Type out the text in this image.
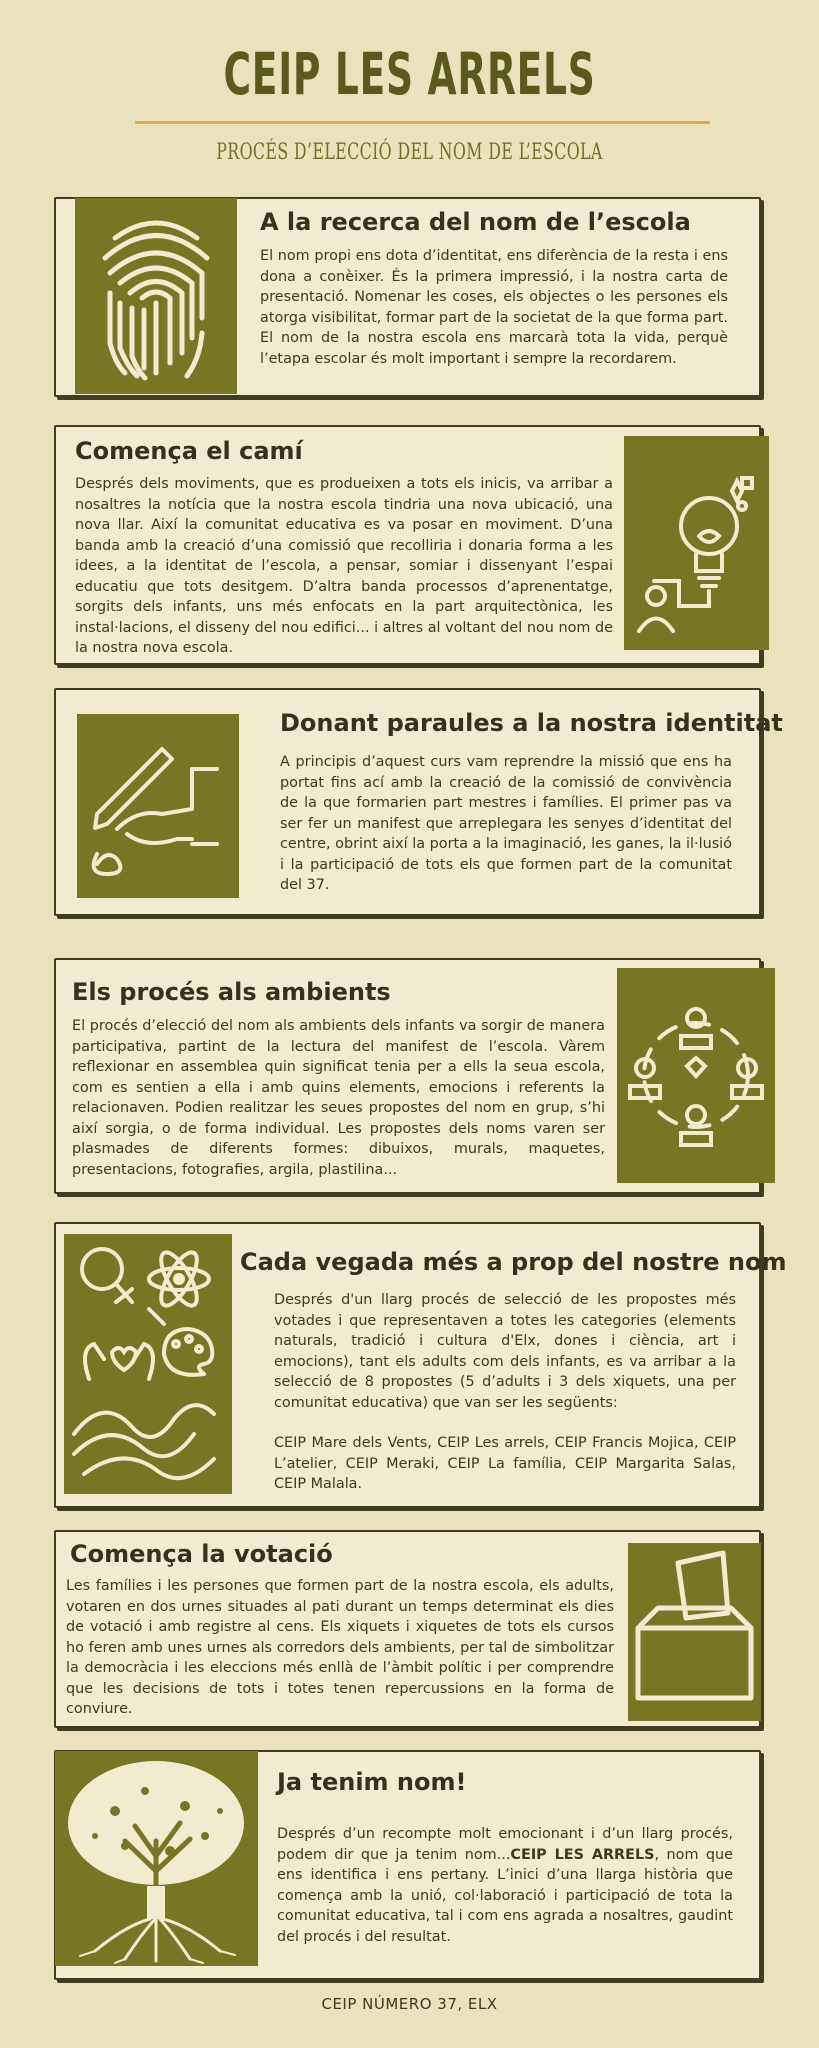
CEIP LES ARRELS
PROCÉS D’ELECCIÓ DEL NOM DE L’ESCOLA
A la recerca del nom de l’escola
El nom propi ens dota d’identitat, ens diferència de la resta i ens dona a conèixer. És la primera impressió, i la nostra carta de presentació. Nomenar les coses, els objectes o les persones els atorga visibilitat, formar part de la societat de la que forma part. El nom de la nostra escola ens marcarà tota la vida, perquè l’etapa escolar és molt important i sempre la recordarem.
Comença el camí
Després dels moviments, que es produeixen a tots els inicis, va arribar a nosaltres la notícia que la nostra escola tindria una nova ubicació, una nova llar. Així la comunitat educativa es va posar en moviment. D’una banda amb la creació d’una comissió que recolliria i donaria forma a les idees, a la identitat de l’escola, a pensar, somiar i dissenyant l’espai educatiu que tots desitgem. D’altra banda processos d’aprenentatge, sorgits dels infants, uns més enfocats en la part arquitectònica, les instal·lacions, el disseny del nou edifici... i altres al voltant del nou nom de la nostra nova escola.
Donant paraules a la nostra identitat
A principis d’aquest curs vam reprendre la missió que ens ha portat fins ací amb la creació de la comissió de convivència de la que formarien part mestres i famílies. El primer pas va ser fer un manifest que arreplegara les senyes d’identitat del centre, obrint així la porta a la imaginació, les ganes, la il·lusió i la participació de tots els que formen part de la comunitat del 37.
Els procés als ambients
El procés d’elecció del nom als ambients dels infants va sorgir de manera participativa, partint de la lectura del manifest de l’escola. Vàrem reflexionar en assemblea quin significat tenia per a ells la seua escola, com es sentien a ella i amb quins elements, emocions i referents la relacionaven. Podien realitzar les seues propostes del nom en grup, s’hi així sorgia, o de forma individual. Les propostes dels noms varen ser plasmades de diferents formes: dibuixos, murals, maquetes, presentacions, fotografies, argila, plastilina...
Cada vegada més a prop del nostre nom
Després d'un llarg procés de selecció de les propostes més votades i que representaven a totes les categories (elements naturals, tradició i cultura d'Elx, dones i ciència, art i emocions), tant els adults com dels infants, es va arribar a la selecció de 8 propostes (5 d’adults i 3 dels xiquets, una per comunitat educativa) que van ser les següents:
CEIP Mare dels Vents, CEIP Les arrels, CEIP Francis Mojica, CEIP L’atelier, CEIP Meraki, CEIP La família, CEIP Margarita Salas, CEIP Malala.
Comença la votació
Les famílies i les persones que formen part de la nostra escola, els adults, votaren en dos urnes situades al pati durant un temps determinat els dies de votació i amb registre al cens. Els xiquets i xiquetes de tots els cursos ho feren amb unes urnes als corredors dels ambients, per tal de simbolitzar la democràcia i les eleccions més enllà de l’àmbit polític i per comprendre que les decisions de tots i totes tenen repercussions en la forma de conviure.
Ja tenim nom!
Després d’un recompte molt emocionant i d’un llarg procés, podem dir que ja tenim nom...CEIP LES ARRELS, nom que ens identifica i ens pertany. L’inici d’una llarga història que comença amb la unió, col·laboració i participació de tota la comunitat educativa, tal i com ens agrada a nosaltres, gaudint del procés i del resultat.
CEIP NÚMERO 37, ELX
